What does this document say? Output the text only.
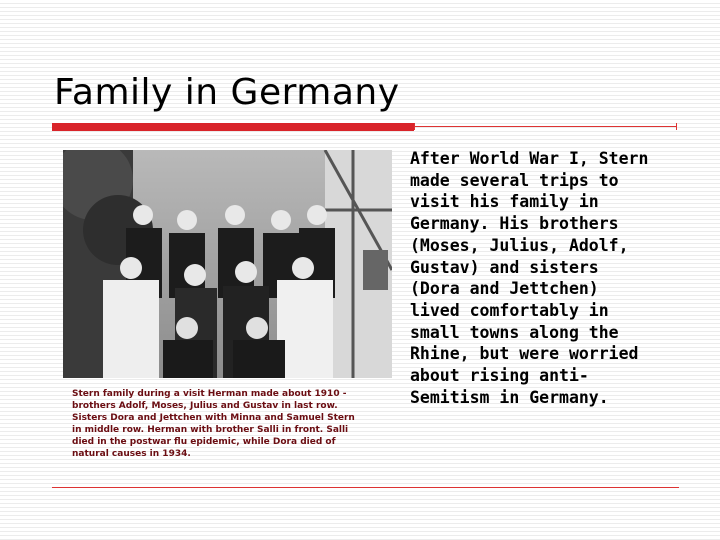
Family in Germany
Stern family during a visit Herman made about 1910 -
brothers Adolf, Moses, Julius and Gustav in last row.
Sisters Dora and Jettchen with Minna and Samuel Stern
in middle row. Herman with brother Salli in front. Salli
died in the postwar flu epidemic, while Dora died of
natural causes in 1934.

After World War I, Stern

made several trips to

visit his family in

Germany. His brothers

(Moses, Julius, Adolf,

Gustav) and sisters

(Dora and Jettchen)

lived comfortably in

small towns along the

Rhine, but were worried

about rising anti-

Semitism in Germany.
